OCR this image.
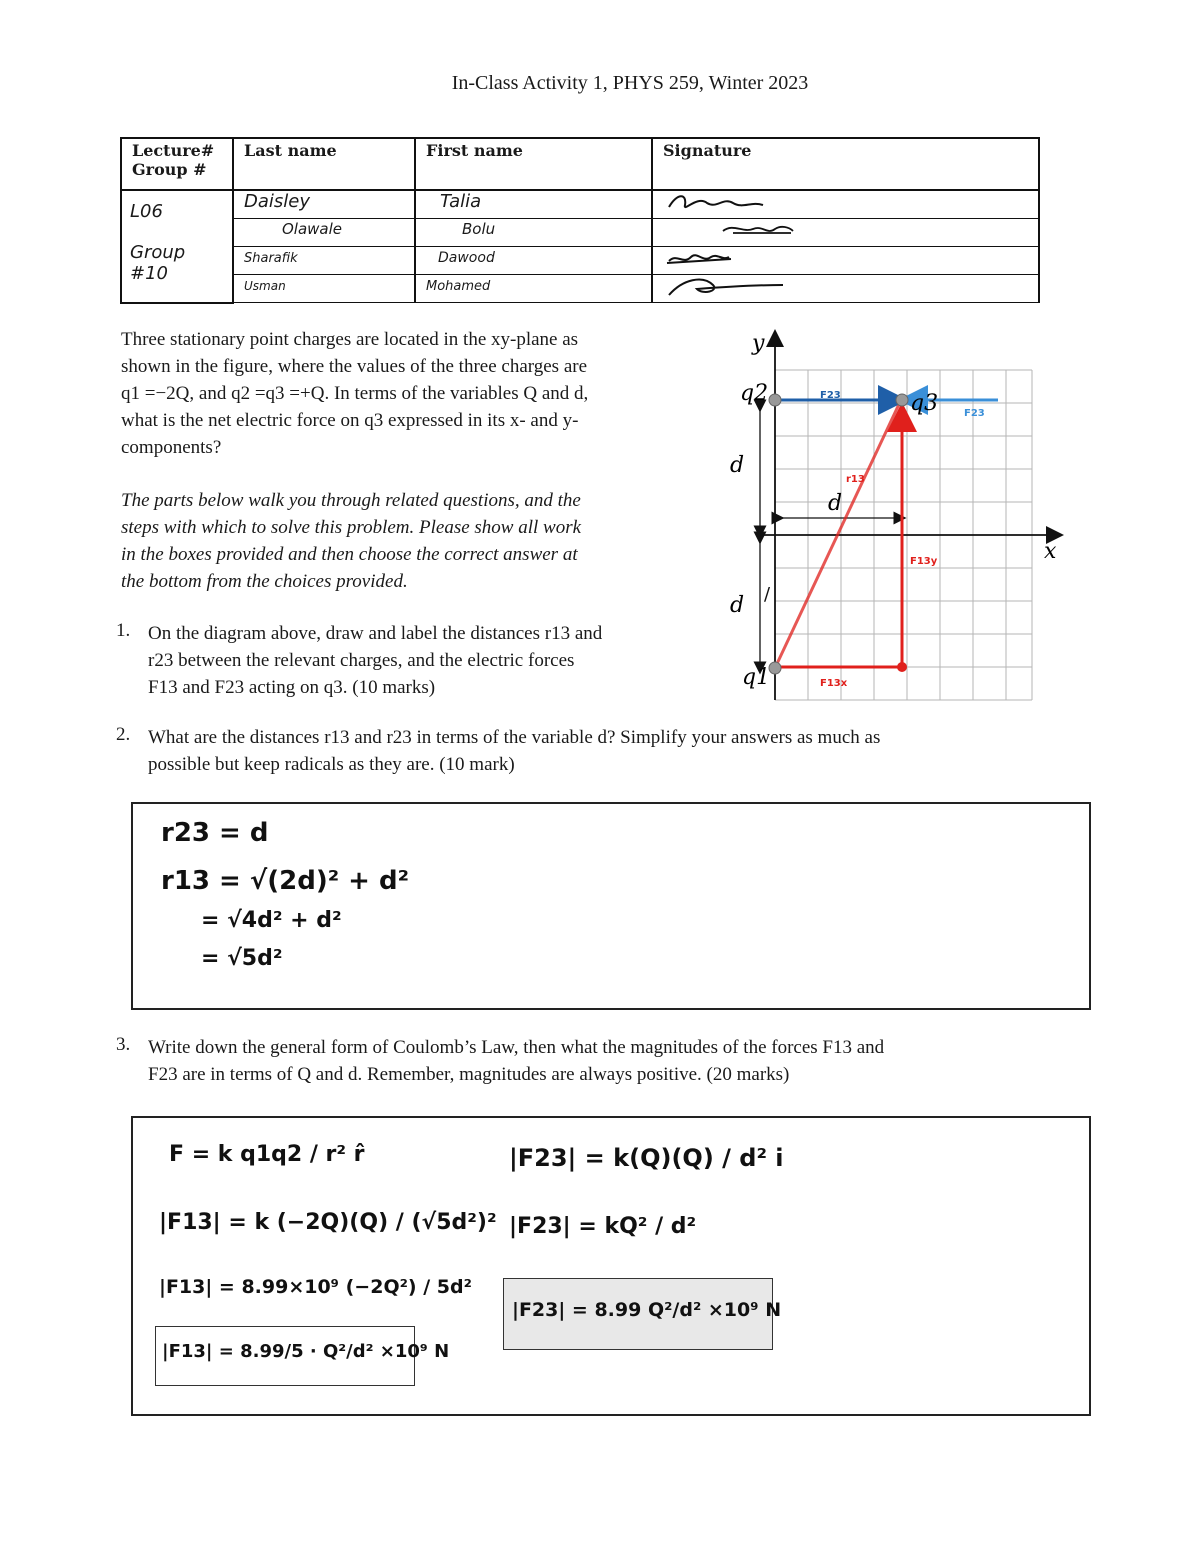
In-Class Activity 1, PHYS 259, Winter 2023
Lecture#
Group #	Last name	First name	Signature

L06
Group #10	Daisley	Talia	
	Olawale	Bolu	
	Sharafik	Dawood	
	Usman	Mohamed	
Three stationary point charges are located in the xy-plane as
shown in the figure, where the values of the three charges are
q1 =−2Q, and q2 =q3 =+Q. In terms of the variables Q and d,
what is the net electric force on q3 expressed in its x- and y-
components?
The parts below walk you through related questions, and the
steps with which to solve this problem. Please show all work
in the boxes provided and then choose the correct answer at
the bottom from the choices provided.
y
x
d
d
d
q2	q3
q1
F23
F23
r13
F13y
F13x
/
1. On the diagram above, draw and label the distances r13 and
r23 between the relevant charges, and the electric forces
F13 and F23 acting on q3. (10 marks)
2. What are the distances r13 and r23 in terms of the variable d? Simplify your answers as much as
possible but keep radicals as they are. (10 mark)
r23 = d
r13 = √(2d)² + d²
= √4d² + d²
= √5d²
3. Write down the general form of Coulomb’s Law, then what the magnitudes of the forces F13 and
F23 are in terms of Q and d. Remember, magnitudes are always positive. (20 marks)
F = k q1q2 / r² r̂
|F13| = k (−2Q)(Q) / (√5d²)²
|F13| = 8.99×10⁹ (−2Q²) / 5d²
|F13| = 8.99/5 · Q²/d² ×10⁹ N
|F23| = k(Q)(Q) / d² i
|F23| = kQ² / d²
|F23| = 8.99 Q²/d² ×10⁹ N
